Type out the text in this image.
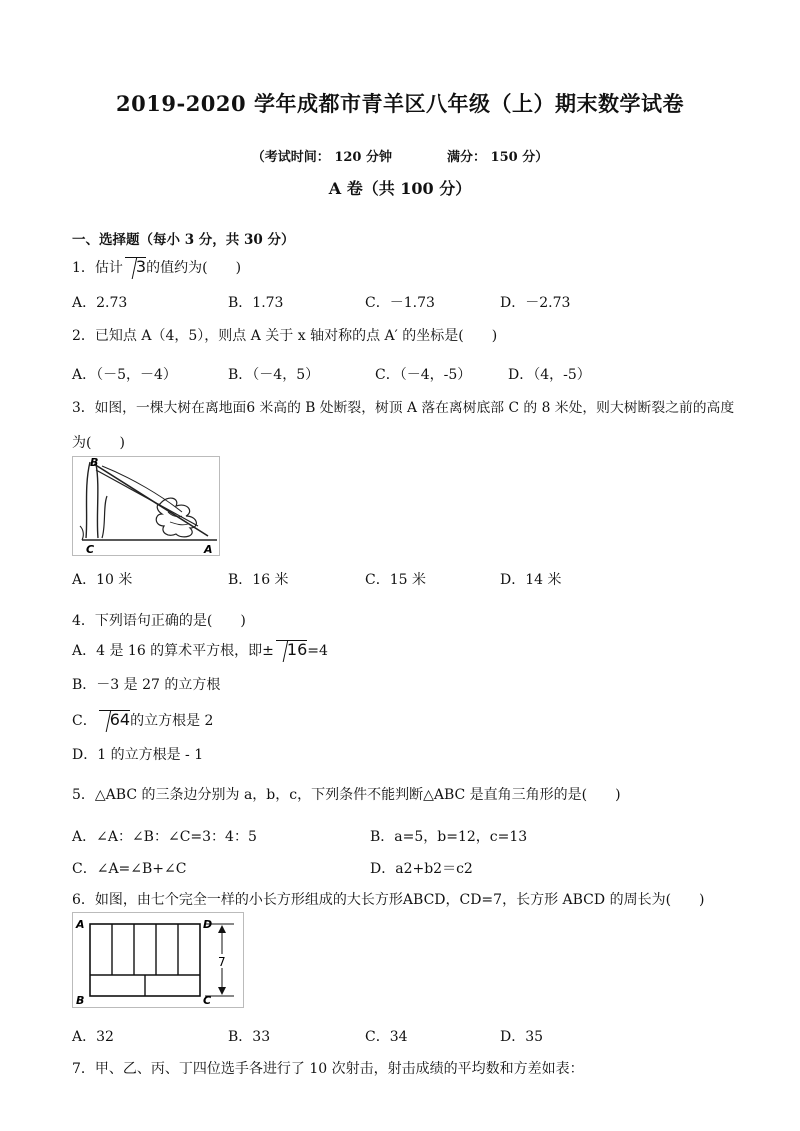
2019-2020 学年成都市青羊区八年级（上）期末数学试卷
（考试时间： 120 分钟	满分： 150 分）
A 卷（共 100 分）
一、选择题（每小 3 分，共 30 分）
1．估计 3的值约为(　　)
A．2.73	B．1.73	C．－1.73	D．－2.73
2．已知点 A（4，5），则点 A 关于 x 轴对称的点 A′ 的坐标是(　　)
A．（－5，－4）	B．（－4，5）	C．（－4，-5）	D．（4，-5）
3．如图，一棵大树在离地面6 米高的 B 处断裂，树顶 A 落在离树底部 C 的 8 米处，则大树断裂之前的高度
为(　　)
B
C	A
A．10 米	B．16 米	C．15 米	D．14 米
4．下列语句正确的是(　　)
A．4 是 16 的算术平方根，即± 16=4
B．－3 是 27 的立方根
C． 64的立方根是 2
D．1 的立方根是 - 1
5．△ABC 的三条边分别为 a，b，c，下列条件不能判断△ABC 是直角三角形的是(　　)
A．∠A：∠B：∠C=3：4：5	B．a=5，b=12，c=13
C．∠A=∠B+∠C	D．a2+b2＝c2
6．如图，由七个完全一样的小长方形组成的大长方形ABCD，CD=7，长方形 ABCD 的周长为(　　)
7
A	D
B	C
A．32	B．33	C．34	D．35
7．甲、乙、丙、丁四位选手各进行了 10 次射击，射击成绩的平均数和方差如表：
